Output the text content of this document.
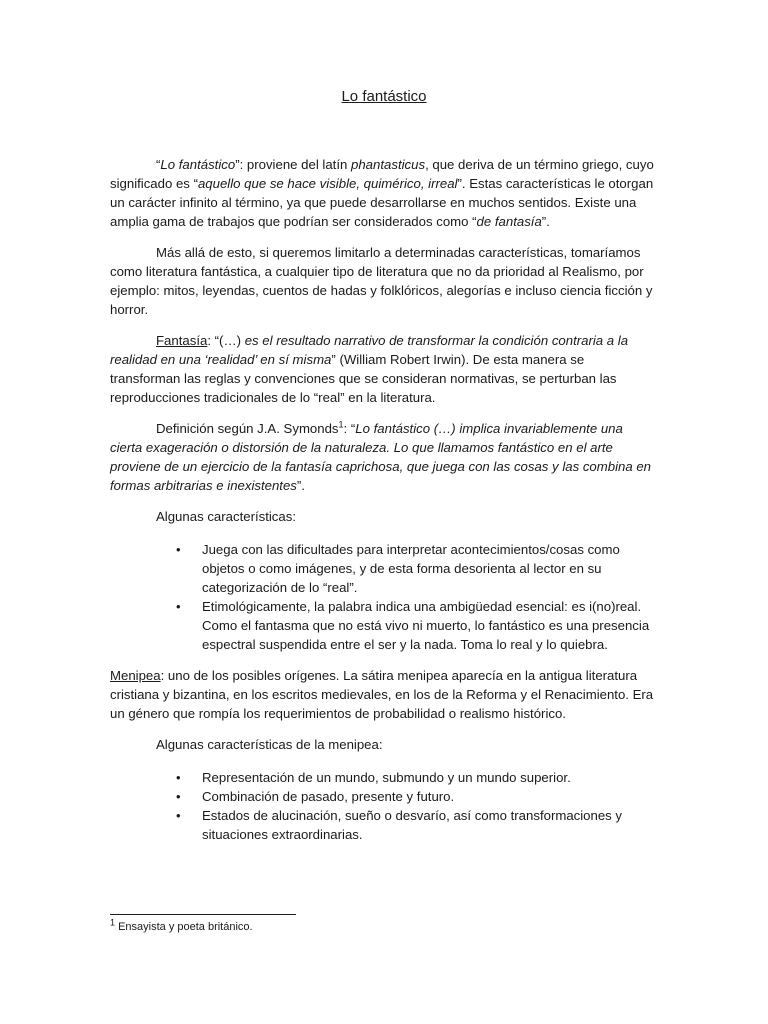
Lo fantástico

“Lo fantástico”: proviene del latín phantasticus, que deriva de un término griego, cuyo significado es “aquello que se hace visible, quimérico, irreal”. Estas características le otorgan un carácter infinito al término, ya que puede desarrollarse en muchos sentidos. Existe una amplia gama de trabajos que podrían ser considerados como “de fantasía”.

Más allá de esto, si queremos limitarlo a determinadas características, tomaríamos como literatura fantástica, a cualquier tipo de literatura que no da prioridad al Realismo, por ejemplo: mitos, leyendas, cuentos de hadas y folklóricos, alegorías e incluso ciencia ficción y horror.

Fantasía: “(…) es el resultado narrativo de transformar la condición contraria a la realidad en una ‘realidad’ en sí misma” (William Robert Irwin). De esta manera se transforman las reglas y convenciones que se consideran normativas, se perturban las reproducciones tradicionales de lo “real” en la literatura.

Definición según J.A. Symonds$^1$: “Lo fantástico (…) implica invariablemente una cierta exageración o distorsión de la naturaleza. Lo que llamamos fantástico en el arte proviene de un ejercicio de la fantasía caprichosa, que juega con las cosas y las combina en formas arbitrarias e inexistentes”.

Algunas características:

• Juega con las dificultades para interpretar acontecimientos/cosas como objetos o como imágenes, y de esta forma desorienta al lector en su categorización de lo “real”.
• Etimológicamente, la palabra indica una ambigüedad esencial: es i(no)real. Como el fantasma que no está vivo ni muerto, lo fantástico es una presencia espectral suspendida entre el ser y la nada. Toma lo real y lo quiebra.

Menipea: uno de los posibles orígenes. La sátira menipea aparecía en la antigua literatura cristiana y bizantina, en los escritos medievales, en los de la Reforma y el Renacimiento. Era un género que rompía los requerimientos de probabilidad o realismo histórico.

Algunas características de la menipea:

• Representación de un mundo, submundo y un mundo superior.
• Combinación de pasado, presente y futuro.
• Estados de alucinación, sueño o desvarío, así como transformaciones y situaciones extraordinarias.
$^1$ Ensayista y poeta británico.
